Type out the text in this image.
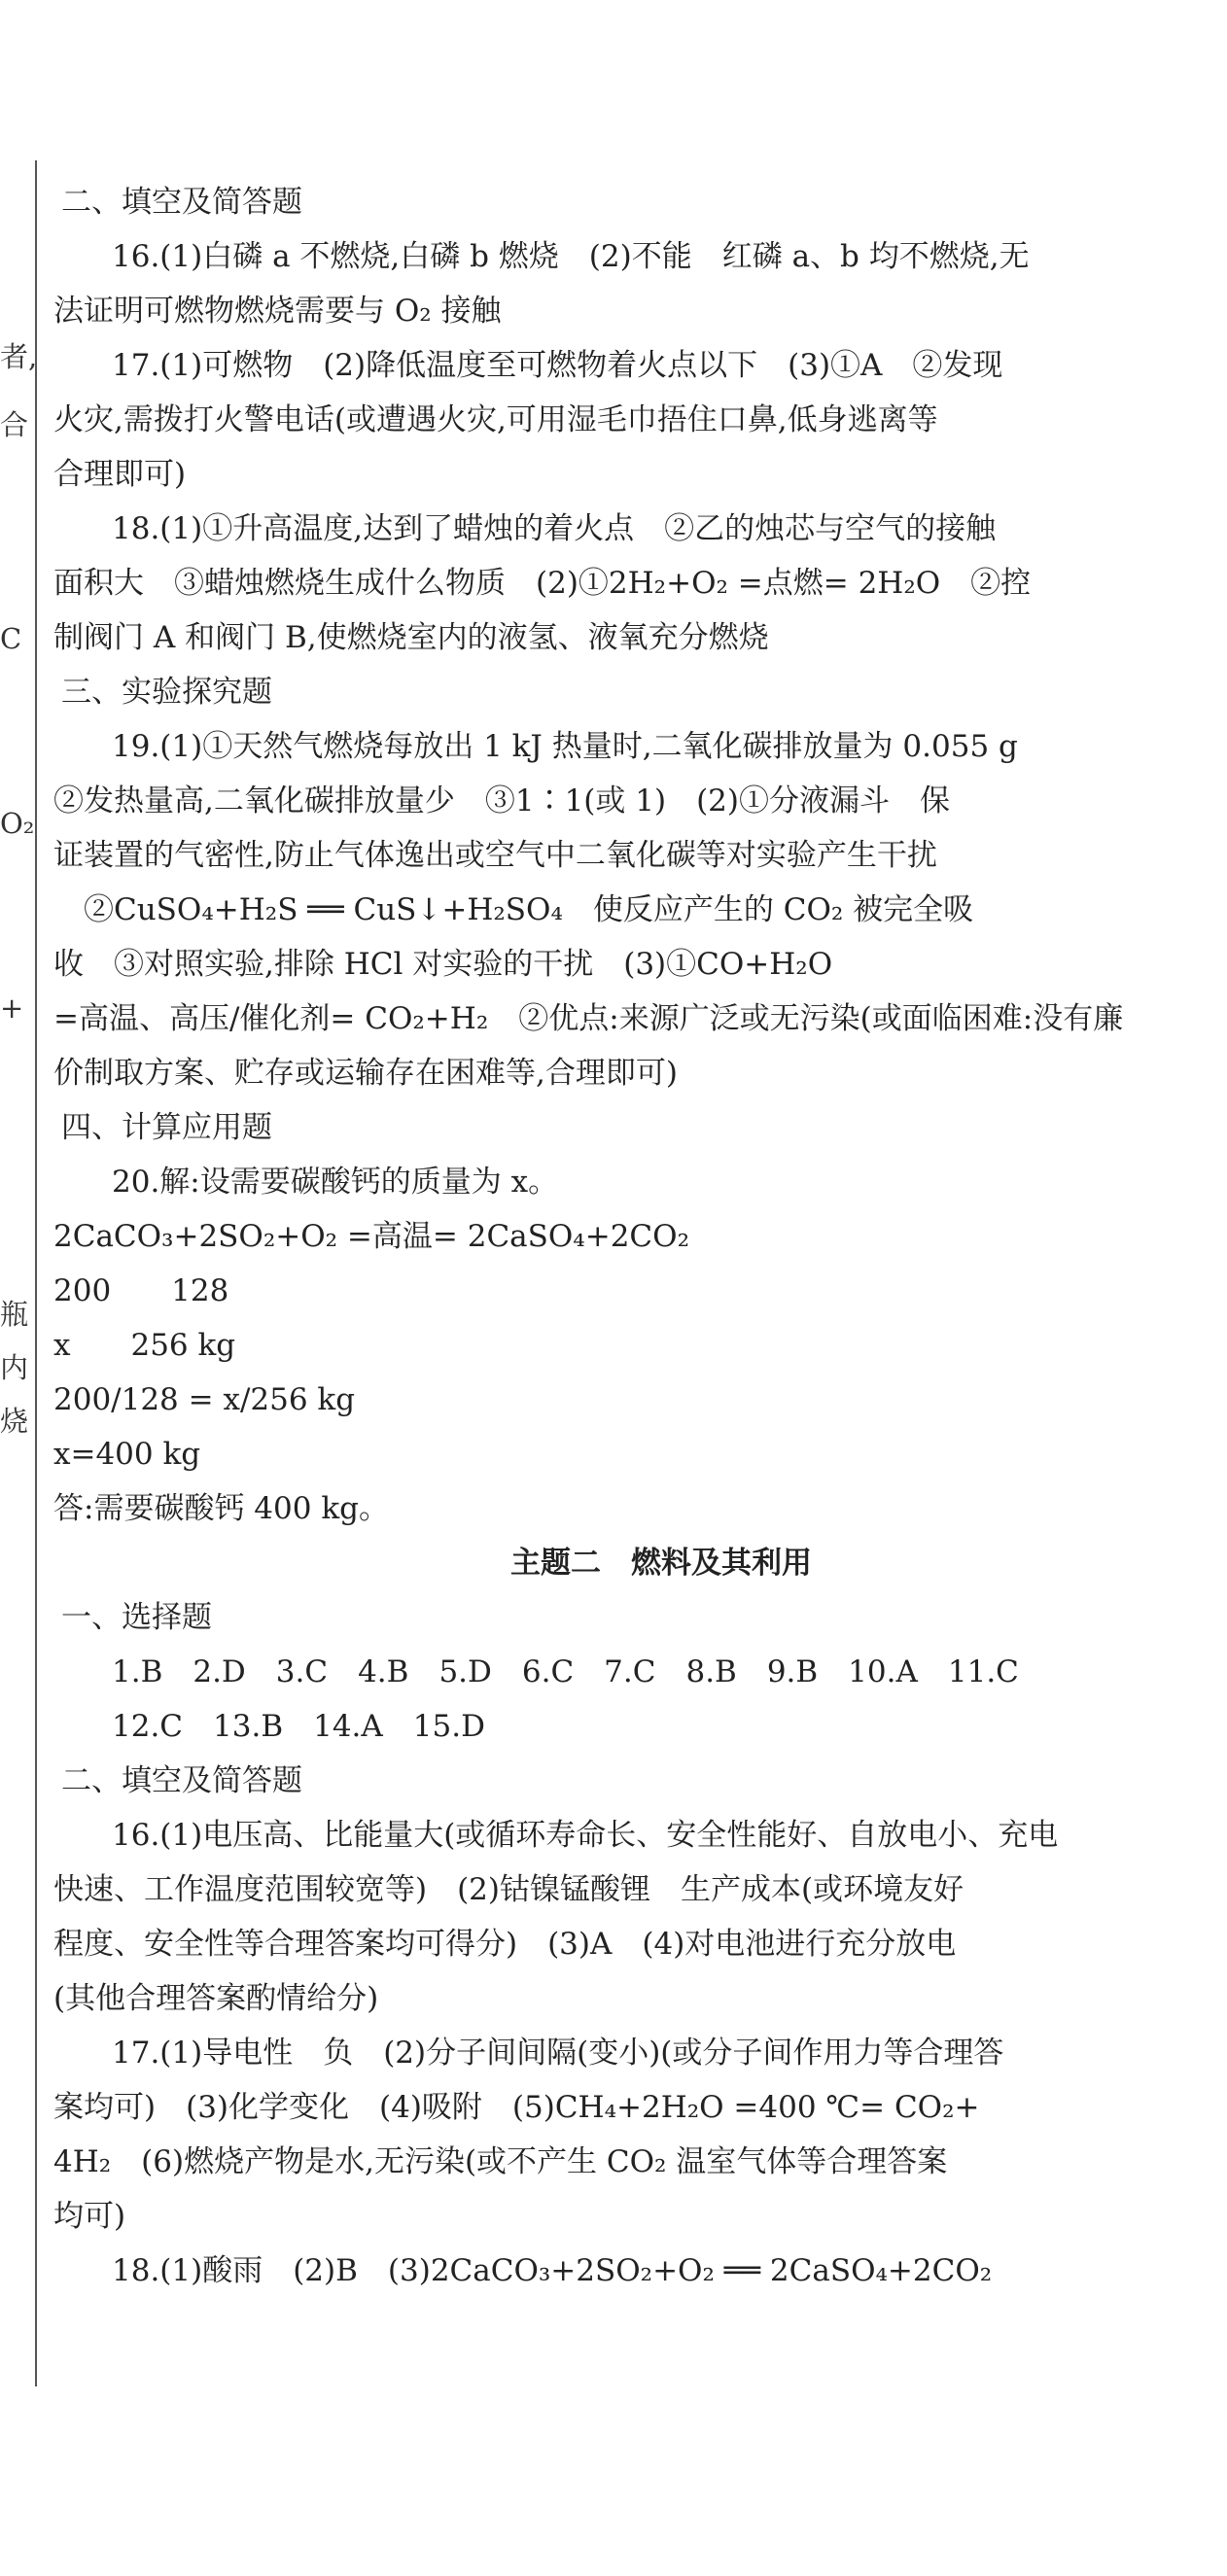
者,
合
C
O₂
+
瓶
内
烧
二、填空及简答题
16.(1)白磷 a 不燃烧,白磷 b 燃烧　(2)不能　红磷 a、b 均不燃烧,无
法证明可燃物燃烧需要与 O₂ 接触
17.(1)可燃物　(2)降低温度至可燃物着火点以下　(3)①A　②发现
火灾,需拨打火警电话(或遭遇火灾,可用湿毛巾捂住口鼻,低身逃离等
合理即可)
18.(1)①升高温度,达到了蜡烛的着火点　②乙的烛芯与空气的接触
面积大　③蜡烛燃烧生成什么物质　(2)①2H₂+O₂ =点燃= 2H₂O　②控
制阀门 A 和阀门 B,使燃烧室内的液氢、液氧充分燃烧
三、实验探究题
19.(1)①天然气燃烧每放出 1 kJ 热量时,二氧化碳排放量为 0.055 g
②发热量高,二氧化碳排放量少　③1∶1(或 1)　(2)①分液漏斗　保
证装置的气密性,防止气体逸出或空气中二氧化碳等对实验产生干扰
　②CuSO₄+H₂S ══ CuS↓+H₂SO₄　使反应产生的 CO₂ 被完全吸
收　③对照实验,排除 HCl 对实验的干扰　(3)①CO+H₂O
=高温、高压/催化剂= CO₂+H₂　②优点:来源广泛或无污染(或面临困难:没有廉
价制取方案、贮存或运输存在困难等,合理即可)
四、计算应用题
20.解:设需要碳酸钙的质量为 x。
2CaCO₃+2SO₂+O₂ =高温= 2CaSO₄+2CO₂
200　　128
x　　256 kg
200/128 = x/256 kg
x=400 kg
答:需要碳酸钙 400 kg。
主题二　燃料及其利用
一、选择题
1.B　2.D　3.C　4.B　5.D　6.C　7.C　8.B　9.B　10.A　11.C
12.C　13.B　14.A　15.D
二、填空及简答题
16.(1)电压高、比能量大(或循环寿命长、安全性能好、自放电小、充电
快速、工作温度范围较宽等)　(2)钴镍锰酸锂　生产成本(或环境友好
程度、安全性等合理答案均可得分)　(3)A　(4)对电池进行充分放电
(其他合理答案酌情给分)
17.(1)导电性　负　(2)分子间间隔(变小)(或分子间作用力等合理答
案均可)　(3)化学变化　(4)吸附　(5)CH₄+2H₂O =400 ℃= CO₂+
4H₂　(6)燃烧产物是水,无污染(或不产生 CO₂ 温室气体等合理答案
均可)
18.(1)酸雨　(2)B　(3)2CaCO₃+2SO₂+O₂ ══ 2CaSO₄+2CO₂
